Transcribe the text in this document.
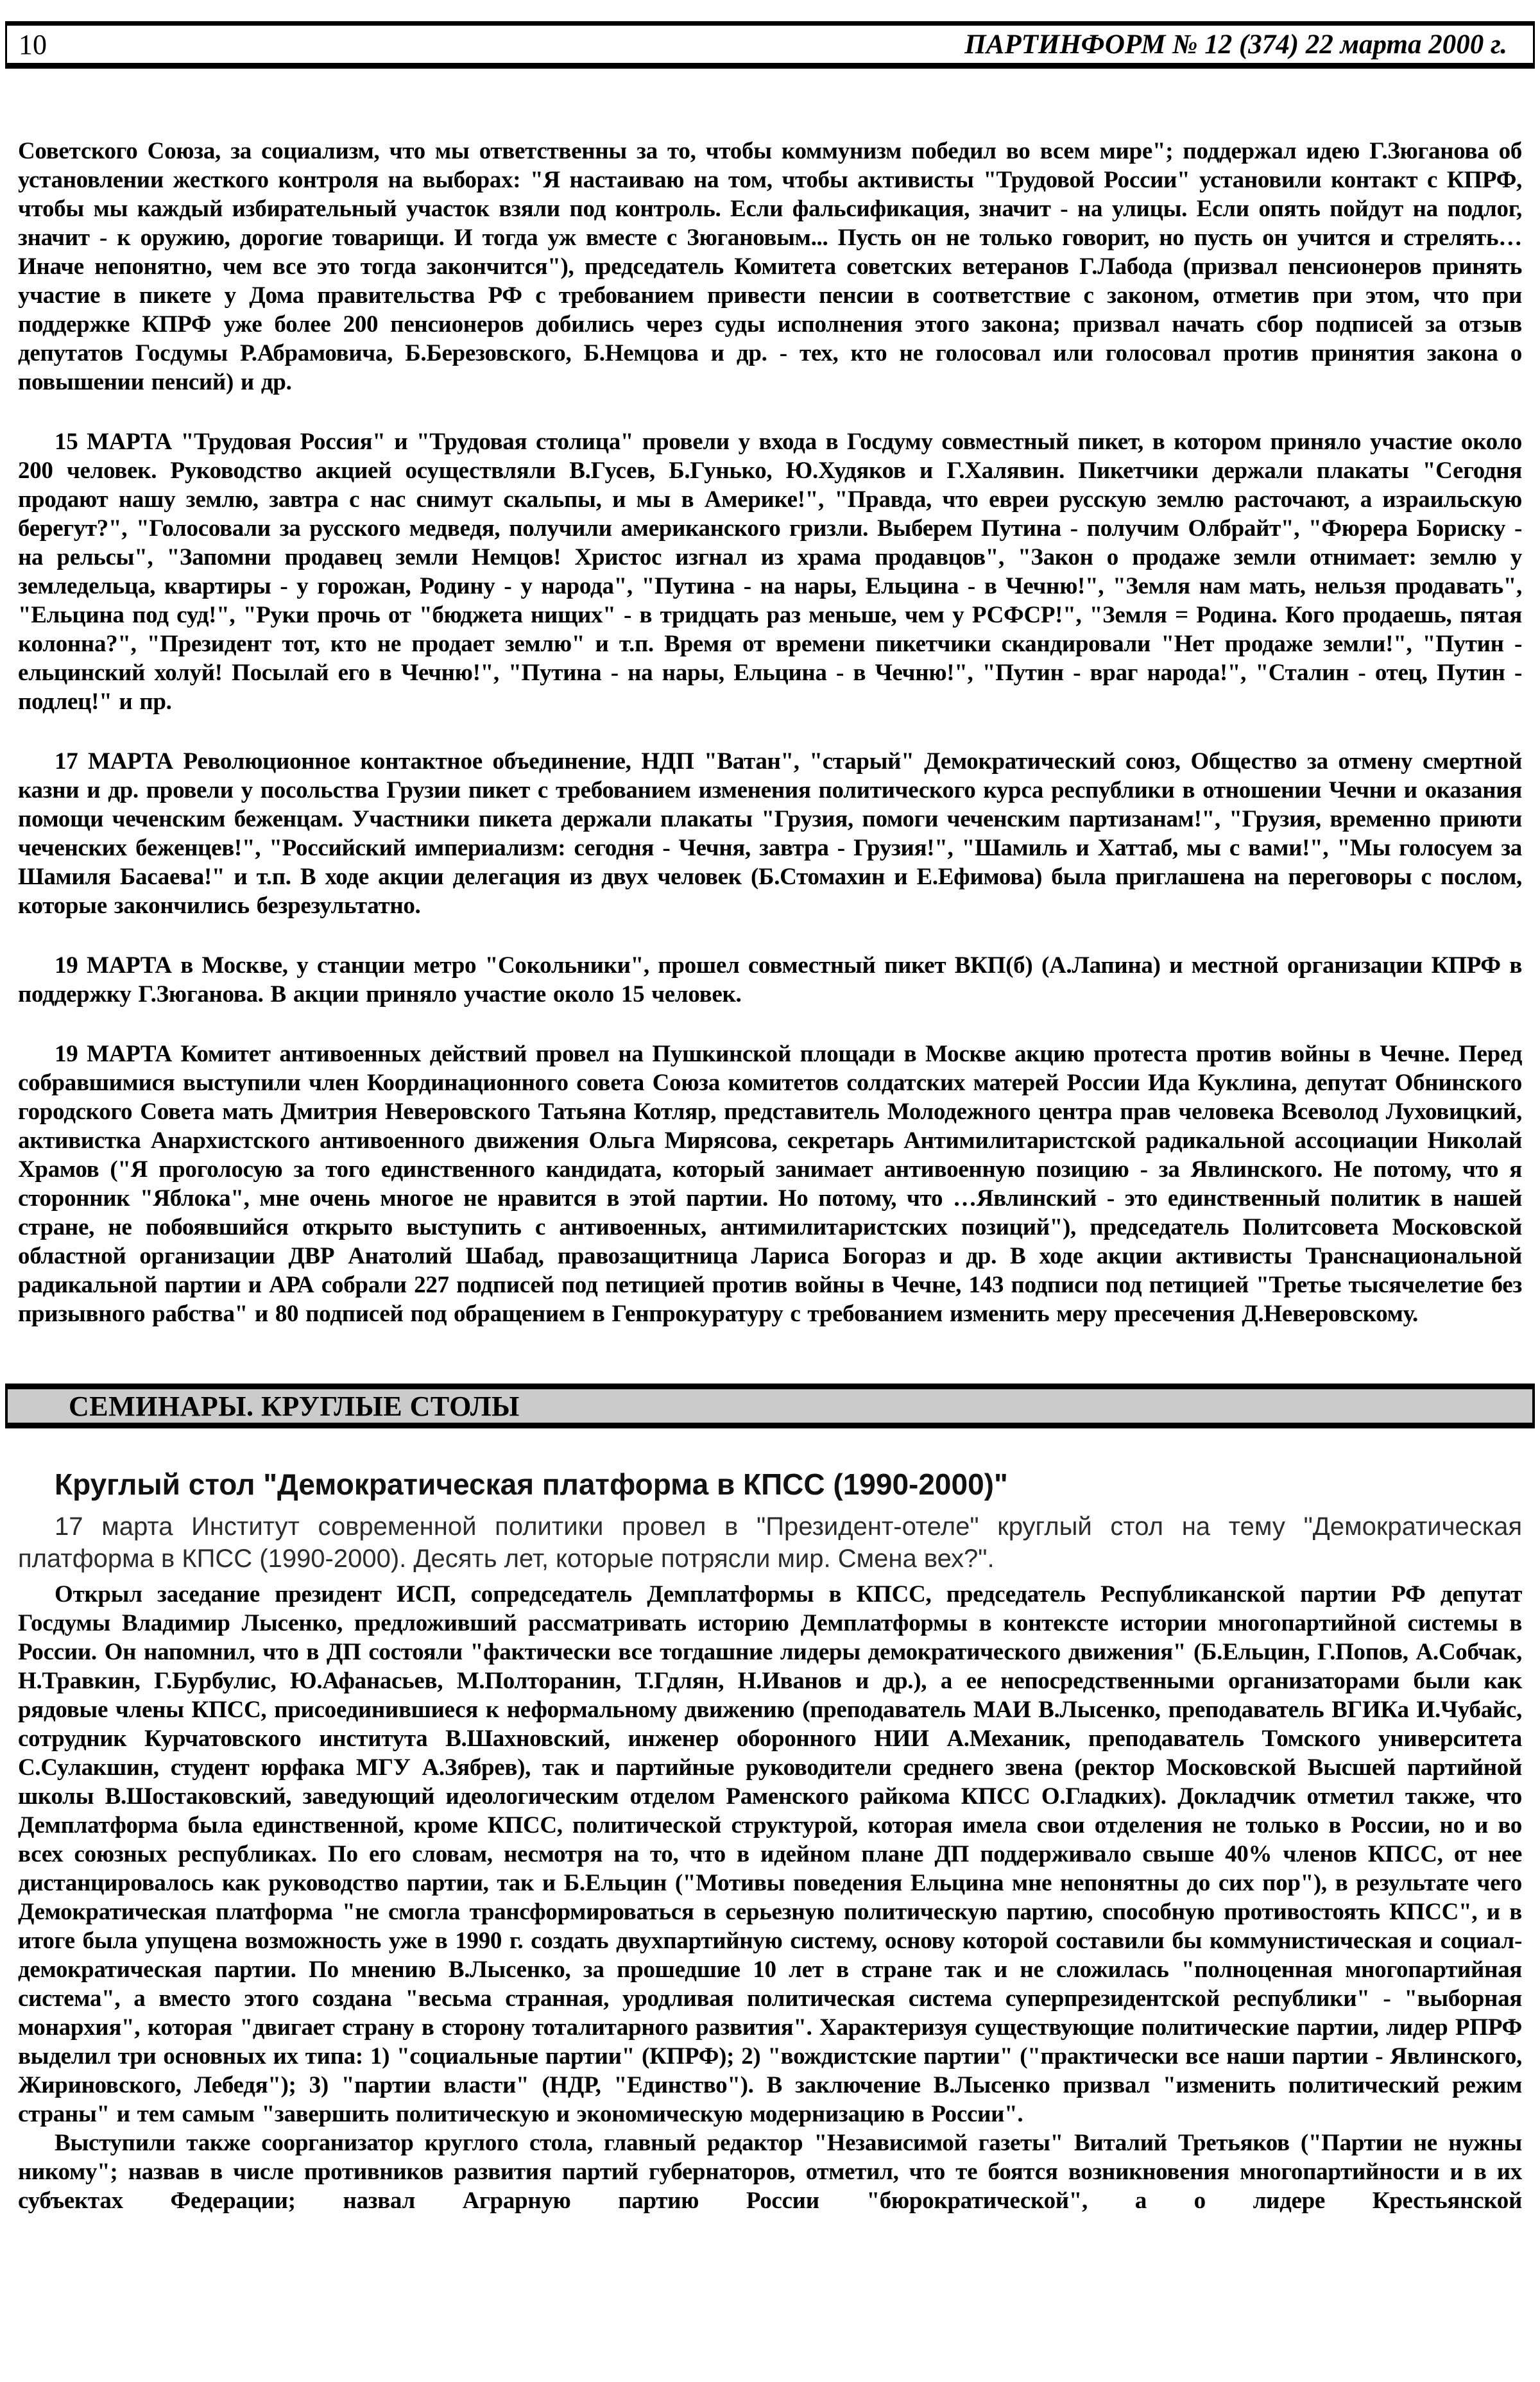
10	ПАРТИНФОРМ № 12 (374) 22 марта 2000 г.

Советского Союза, за социализм, что мы ответственны за то, чтобы коммунизм победил во всем мире"; поддержал идею Г.Зюганова об установлении жесткого контроля на выборах: "Я настаиваю на том, чтобы активисты "Трудовой России" установили контакт с КПРФ, чтобы мы каждый избирательный участок взяли под контроль. Если фальсификация, значит - на улицы. Если опять пойдут на подлог, значит - к оружию, дорогие товарищи. И тогда уж вместе с Зюгановым... Пусть он не только говорит, но пусть он учится и стрелять… Иначе непонятно, чем все это тогда закончится"), председатель Комитета советских ветеранов Г.Лабода (призвал пенсионеров принять участие в пикете у Дома правительства РФ с требованием привести пенсии в соответствие с законом, отметив при этом, что при поддержке КПРФ уже более 200 пенсионеров добились через суды исполнения этого закона; призвал начать сбор подписей за отзыв депутатов Госдумы Р.Абрамовича, Б.Березовского, Б.Немцова и др. - тех, кто не голосовал или голосовал против принятия закона о повышении пенсий) и др.

15 МАРТА "Трудовая Россия" и "Трудовая столица" провели у входа в Госдуму совместный пикет, в котором приняло участие около 200 человек. Руководство акцией осуществляли В.Гусев, Б.Гунько, Ю.Худяков и Г.Халявин. Пикетчики держали плакаты "Сегодня продают нашу землю, завтра с нас снимут скальпы, и мы в Америке!", "Правда, что евреи русскую землю расточают, а израильскую берегут?", "Голосовали за русского медведя, получили американского гризли. Выберем Путина - получим Олбрайт", "Фюрера Бориску - на рельсы", "Запомни продавец земли Немцов! Христос изгнал из храма продавцов", "Закон о продаже земли отнимает: землю у земледельца, квартиры - у горожан, Родину - у народа", "Путина - на нары, Ельцина - в Чечню!", "Земля нам мать, нельзя продавать", "Ельцина под суд!", "Руки прочь от "бюджета нищих" - в тридцать раз меньше, чем у РСФСР!", "Земля = Родина. Кого продаешь, пятая колонна?", "Президент тот, кто не продает землю" и т.п. Время от времени пикетчики скандировали "Нет продаже земли!", "Путин - ельцинский холуй! Посылай его в Чечню!", "Путина - на нары, Ельцина - в Чечню!", "Путин - враг народа!", "Сталин - отец, Путин - подлец!" и пр.

17 МАРТА Революционное контактное объединение, НДП "Ватан", "старый" Демократический союз, Общество за отмену смертной казни и др. провели у посольства Грузии пикет с требованием изменения политического курса республики в отношении Чечни и оказания помощи чеченским беженцам. Участники пикета держали плакаты "Грузия, помоги чеченским партизанам!", "Грузия, временно приюти чеченских беженцев!", "Российский империализм: сегодня - Чечня, завтра - Грузия!", "Шамиль и Хаттаб, мы с вами!", "Мы голосуем за Шамиля Басаева!" и т.п. В ходе акции делегация из двух человек (Б.Стомахин и Е.Ефимова) была приглашена на переговоры с послом, которые закончились безрезультатно.

19 МАРТА в Москве, у станции метро "Сокольники", прошел совместный пикет ВКП(б) (А.Лапина) и местной организации КПРФ в поддержку Г.Зюганова. В акции приняло участие около 15 человек.

19 МАРТА Комитет антивоенных действий провел на Пушкинской площади в Москве акцию протеста против войны в Чечне. Перед собравшимися выступили член Координационного совета Союза комитетов солдатских матерей России Ида Куклина, депутат Обнинского городского Совета мать Дмитрия Неверовского Татьяна Котляр, представитель Молодежного центра прав человека Всеволод Луховицкий, активистка Анархистского антивоенного движения Ольга Мирясова, секретарь Антимилитаристской радикальной ассоциации Николай Храмов ("Я проголосую за того единственного кандидата, который занимает антивоенную позицию - за Явлинского. Не потому, что я сторонник "Яблока", мне очень многое не нравится в этой партии. Но потому, что …Явлинский - это единственный политик в нашей стране, не побоявшийся открыто выступить с антивоенных, антимилитаристских позиций"), председатель Политсовета Московской областной организации ДВР Анатолий Шабад, правозащитница Лариса Богораз и др. В ходе акции активисты Транснациональной радикальной партии и АРА собрали 227 подписей под петицией против войны в Чечне, 143 подписи под петицией "Третье тысячелетие без призывного рабства" и 80 подписей под обращением в Генпрокуратуру с требованием изменить меру пресечения Д.Неверовскому.

СЕМИНАРЫ. КРУГЛЫЕ СТОЛЫ
Круглый стол "Демократическая платформа в КПСС (1990-2000)"

17 марта Институт современной политики провел в "Президент-отеле" круглый стол на тему "Демократическая платформа в КПСС (1990-2000). Десять лет, которые потрясли мир. Смена вех?".

Открыл заседание президент ИСП, сопредседатель Демплатформы в КПСС, председатель Республиканской партии РФ депутат Госдумы Владимир Лысенко, предложивший рассматривать историю Демплатформы в контексте истории многопартийной системы в России. Он напомнил, что в ДП состояли "фактически все тогдашние лидеры демократического движения" (Б.Ельцин, Г.Попов, А.Собчак, Н.Травкин, Г.Бурбулис, Ю.Афанасьев, М.Полторанин, Т.Гдлян, Н.Иванов и др.), а ее непосредственными организаторами были как рядовые члены КПСС, присоединившиеся к неформальному движению (преподаватель МАИ В.Лысенко, преподаватель ВГИКа И.Чубайс, сотрудник Курчатовского института В.Шахновский, инженер оборонного НИИ А.Механик, преподаватель Томского университета С.Сулакшин, студент юрфака МГУ А.Зябрев), так и партийные руководители среднего звена (ректор Московской Высшей партийной школы В.Шостаковский, заведующий идеологическим отделом Раменского райкома КПСС О.Гладких). Докладчик отметил также, что Демплатформа была единственной, кроме КПСС, политической структурой, которая имела свои отделения не только в России, но и во всех союзных республиках. По его словам, несмотря на то, что в идейном плане ДП поддерживало свыше 40% членов КПСС, от нее дистанцировалось как руководство партии, так и Б.Ельцин ("Мотивы поведения Ельцина мне непонятны до сих пор"), в результате чего Демократическая платформа "не смогла трансформироваться в серьезную политическую партию, способную противостоять КПСС", и в итоге была упущена возможность уже в 1990 г. создать двухпартийную систему, основу которой составили бы коммунистическая и социал-демократическая партии. По мнению В.Лысенко, за прошедшие 10 лет в стране так и не сложилась "полноценная многопартийная система", а вместо этого создана "весьма странная, уродливая политическая система суперпрезидентской республики" - "выборная монархия", которая "двигает страну в сторону тоталитарного развития". Характеризуя существующие политические партии, лидер РПРФ выделил три основных их типа: 1) "социальные партии" (КПРФ); 2) "вождистские партии" ("практически все наши партии - Явлинского, Жириновского, Лебедя"); 3) "партии власти" (НДР, "Единство"). В заключение В.Лысенко призвал "изменить политический режим страны" и тем самым "завершить политическую и экономическую модернизацию в России".

Выступили также соорганизатор круглого стола, главный редактор "Независимой газеты" Виталий Третьяков ("Партии не нужны никому"; назвав в числе противников развития партий губернаторов, отметил, что те боятся возникновения многопартийности и в их субъектах Федерации; назвал Аграрную партию России "бюрократической", а о лидере Крестьянской
